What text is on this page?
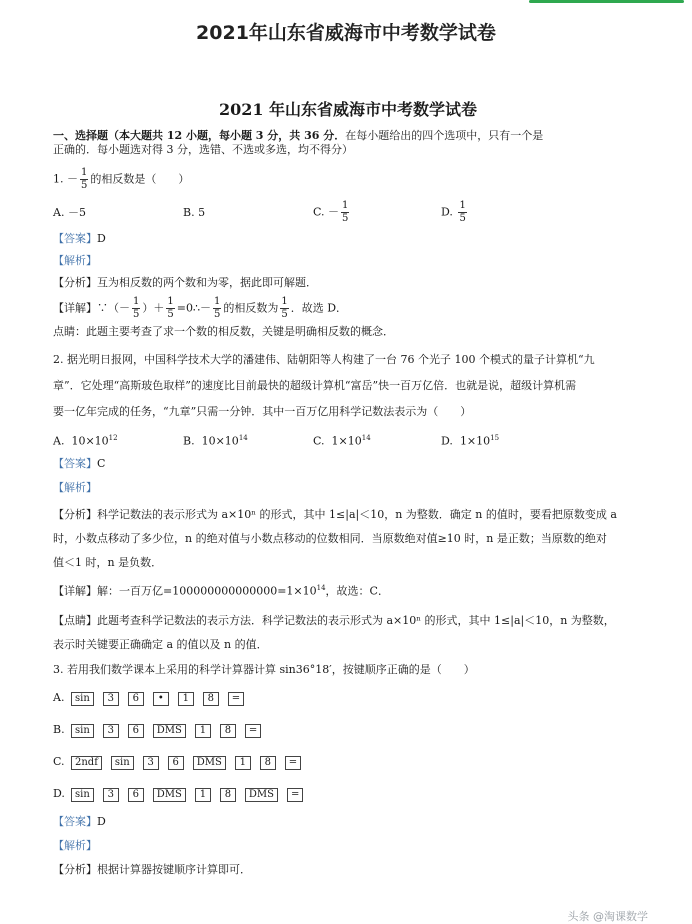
2021年山东省威海市中考数学试卷
2021 年山东省威海市中考数学试卷

一、选择题（本大题共 12 小题，每小题 3 分，共 36 分．在每小题给出的四个选项中，只有一个是

正确的．每小题选对得 3 分，选错、不选或多选，均不得分）

1. － $\frac{1}{5}$ 的相反数是（　　）
A. －5	B. 5	C. － $\frac{1}{5}$	D. $\frac{1}{5}$

【答案】D

【解析】

【分析】互为相反数的两个数和为零，据此即可解题．

【详解】∵（－ $\frac{1}{5}$ ）＋ $\frac{1}{5}$ =0∴－ $\frac{1}{5}$ 的相反数为 $\frac{1}{5}$ ．故选 D．

点睛：此题主要考查了求一个数的相反数，关键是明确相反数的概念．

2. 据光明日报网，中国科学技术大学的潘建伟、陆朝阳等人构建了一台 76 个光子 100 个模式的量子计算机“九
章”．它处理“高斯玻色取样”的速度比目前最快的超级计算机“富岳”快一百万亿倍．也就是说，超级计算机需
要一亿年完成的任务，“九章”只需一分钟．其中一百万亿用科学记数法表示为（　　）

A. $10\times 10^{12}$	B. $10\times 10^{14}$	C. $1\times 10^{14}$	D. $1\times 10^{15}$

【答案】C

【解析】

【分析】科学记数法的表示形式为 a×10ⁿ 的形式，其中 1≤|a|＜10，n 为整数．确定 n 的值时，要看把原数变成 a
时，小数点移动了多少位，n 的绝对值与小数点移动的位数相同．当原数绝对值≥10 时，n 是正数；当原数的绝对
值＜1 时，n 是负数．

【详解】解：一百万亿$=100000000000000=1\times 10^{14}$，故选：C．

【点睛】此题考查科学记数法的表示方法．科学记数法的表示形式为 a×10ⁿ 的形式，其中 1≤|a|＜10，n 为整数，
表示时关键要正确确定 a 的值以及 n 的值．

3. 若用我们数学课本上采用的科学计算器计算 sin36°18′，按键顺序正确的是（　　）

A. sin 3 6 • 1 8 =
B. sin 3 6 DMS 1 8 =
C. 2ndf sin 3 6 DMS 1 8 =
D. sin 3 6 DMS 1 8 DMS =

【答案】D

【解析】

【分析】根据计算器按键顺序计算即可．

头条 @淘课数学
